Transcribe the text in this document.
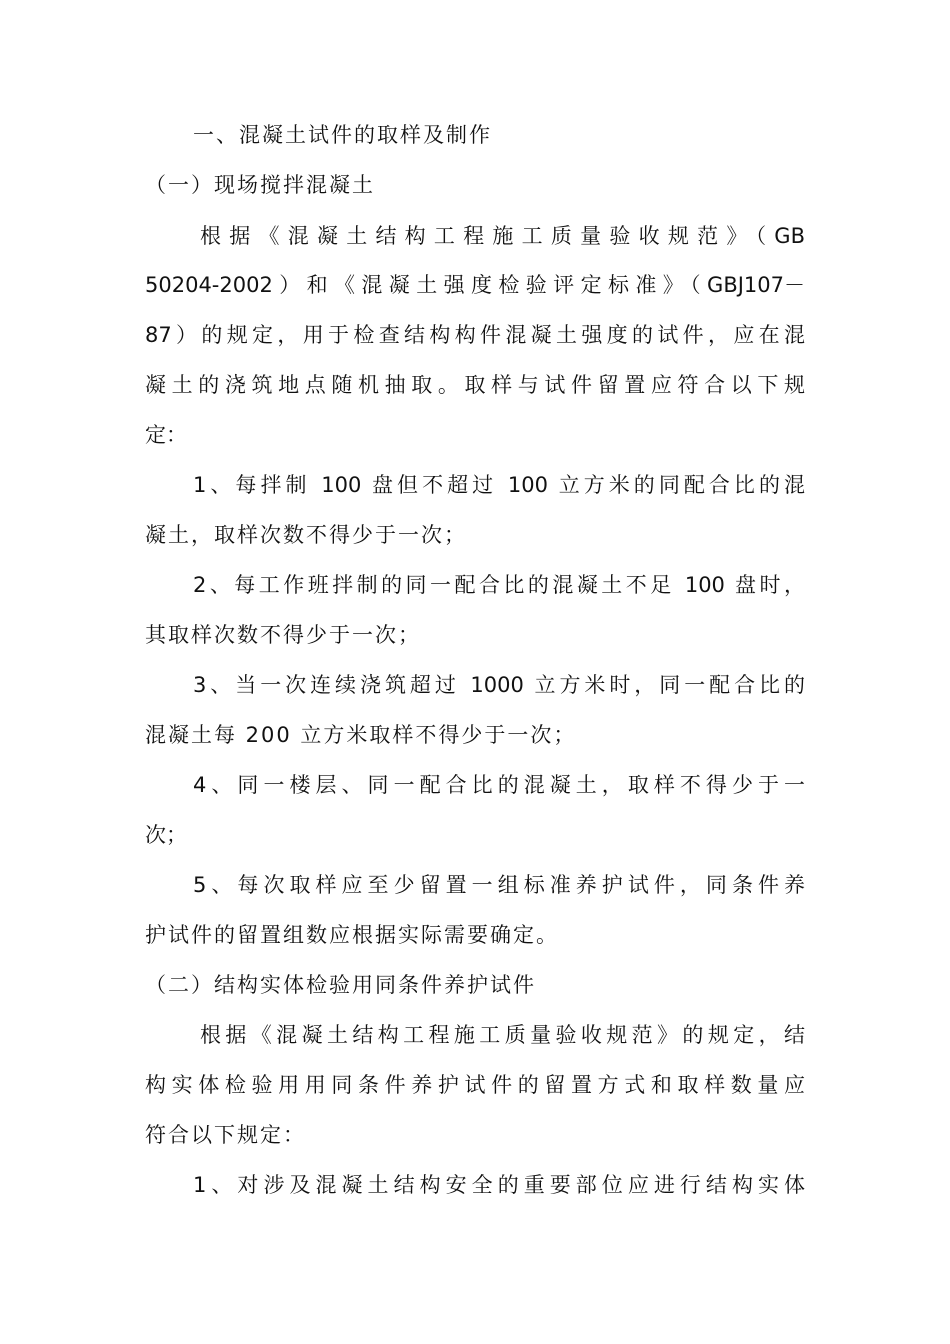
一、混凝土试件的取样及制作
（一）现场搅拌混凝土
根据《混凝土结构工程施工质量验收规范》（GB
50204-2002）和《混凝土强度检验评定标准》（GBJ107－
87）的规定，用于检查结构构件混凝土强度的试件，应在混
凝土的浇筑地点随机抽取。取样与试件留置应符合以下规
定：
1、每拌制 100 盘但不超过 100 立方米的同配合比的混
凝土，取样次数不得少于一次；
2、每工作班拌制的同一配合比的混凝土不足 100 盘时，
其取样次数不得少于一次；
3、当一次连续浇筑超过 1000 立方米时，同一配合比的
混凝土每 200 立方米取样不得少于一次；
4、同一楼层、同一配合比的混凝土，取样不得少于一
次；
5、每次取样应至少留置一组标准养护试件，同条件养
护试件的留置组数应根据实际需要确定。
（二）结构实体检验用同条件养护试件
根据《混凝土结构工程施工质量验收规范》的规定，结
构实体检验用用同条件养护试件的留置方式和取样数量应
符合以下规定：
1、对涉及混凝土结构安全的重要部位应进行结构实体
